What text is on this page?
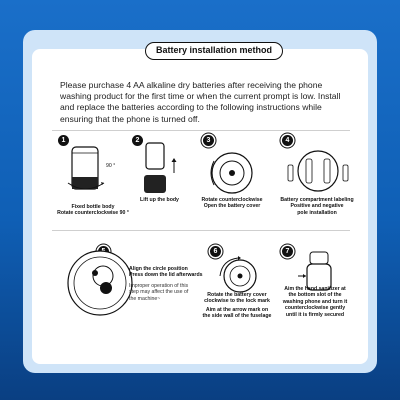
Battery installation method
Please purchase 4 AA alkaline dry batteries after receiving the phone washing product for the first time or when the current prompt is low. Install and replace the batteries according to the following instructions while ensuring that the phone is turned off.
1
90 °
Fixed bottle body
Rotate counterclockwise 90 °
2
Lift up the body
3
Rotate counterclockwise
Open the battery cover
4
Battery compartment labeling
Positive and negative
pole installation
Align the circle position
Press down the lid afterwards
Improper operation of this
step may affect the use of
the machine~
6
Rotate the battery cover
clockwise to the lock mark
Aim at the arrow mark on
the side wall of the fuselage
7
Aim the hand sanitizer at
the bottom slot of the
washing phone and turn it
counterclockwise gently
until it is firmly secured
